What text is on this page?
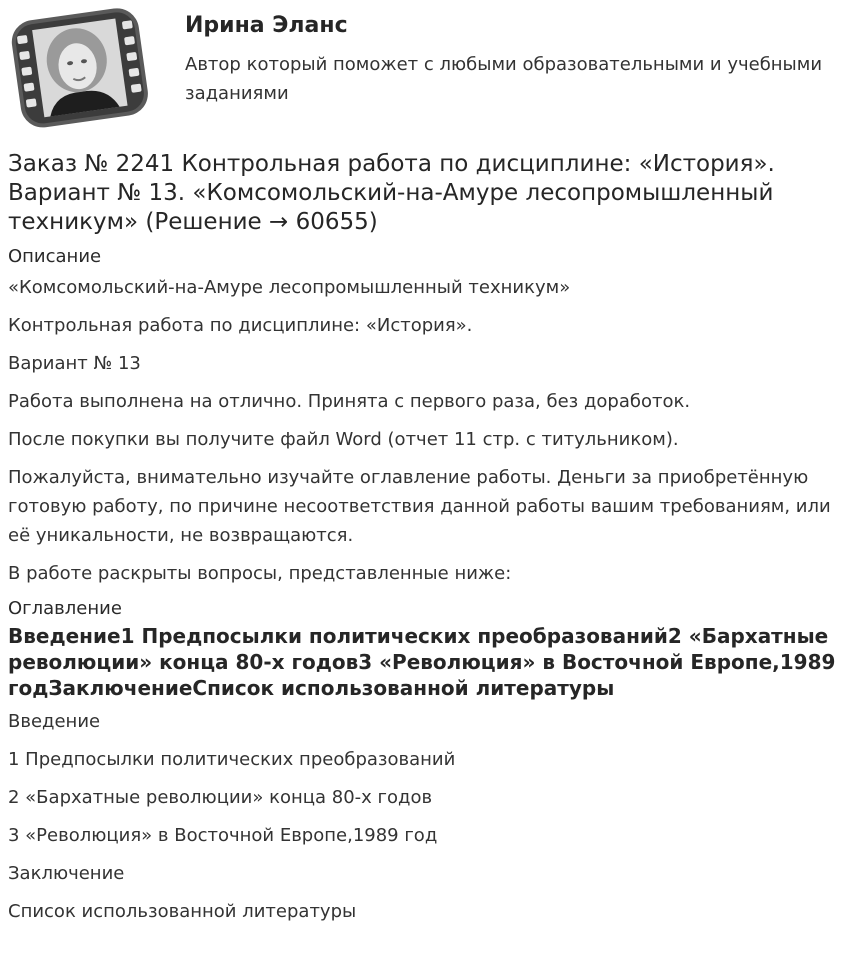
Ирина Эланс
Автор который поможет с любыми образовательными и учебными заданиями
Заказ № 2241 Контрольная работа по дисциплине: «История». Вариант № 13. «Комсомольский-на-Амуре лесопромышленный техникум» (Решение → 60655)
Описание

«Комсомольский-на-Амуре лесопромышленный техникум»

Контрольная работа по дисциплине: «История».

Вариант № 13

Работа выполнена на отлично. Принята с первого раза, без доработок.

После покупки вы получите файл Word (отчет 11 стр. с титульником).

Пожалуйста, внимательно изучайте оглавление работы. Деньги за приобретённую готовую работу, по причине несоответствия данной работы вашим требованиям, или её уникальности, не возвращаются.

В работе раскрыты вопросы, представленные ниже:

Оглавление
Введение1 Предпосылки политических преобразований2 «Бархатные революции» конца 80-х годов3 «Революция» в Восточной Европе,1989 годЗаключениеСписок использованной литературы

Введение

1 Предпосылки политических преобразований

2 «Бархатные революции» конца 80-х годов

3 «Революция» в Восточной Европе,1989 год

Заключение

Список использованной литературы
